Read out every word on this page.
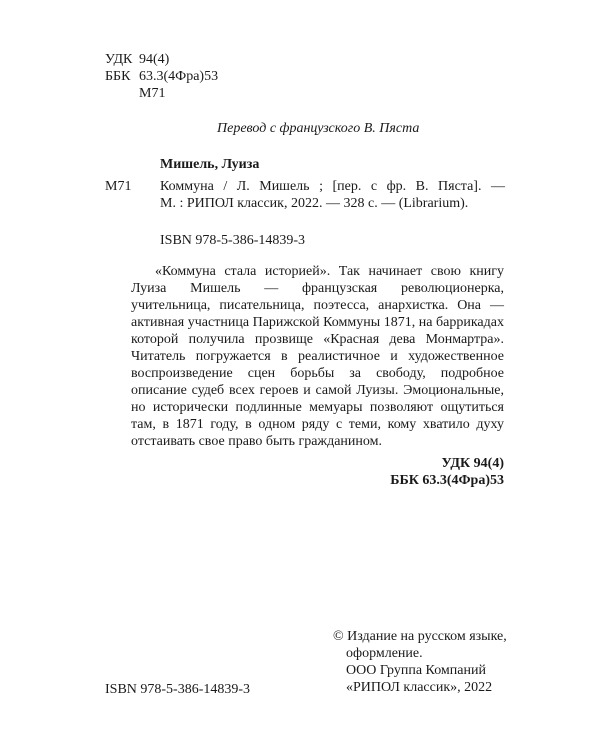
УДК 94(4)
ББК 63.3(4Фра)53
М71
Перевод с французского В. Пяста
Мишель, Луиза
М71 Коммуна / Л. Мишель ; [пер. с фр. В. Пяста]. —
М. : РИПОЛ классик, 2022. — 328 с. — (Librarium).
ISBN 978-5-386-14839-3

«Коммуна стала историей». Так начинает свою книгу Луиза Мишель — французская революционерка, учительница, писательница, поэтесса, анархистка. Она — активная участница Парижской Коммуны 1871, на баррикадах которой получила прозвище «Красная дева Монмартра». Читатель погружается в реалистичное и художественное воспроизведение сцен борьбы за свободу, подробное описание судеб всех героев и самой Луизы. Эмоциональные, но исторически подлинные мемуары позволяют ощутиться там, в 1871 году, в одном ряду с теми, кому хватило духу отстаивать свое право быть гражданином.

УДК 94(4)
ББК 63.3(4Фра)53
© Издание на русском языке,
оформление.
ООО Группа Компаний
«РИПОЛ классик», 2022
ISBN 978-5-386-14839-3
